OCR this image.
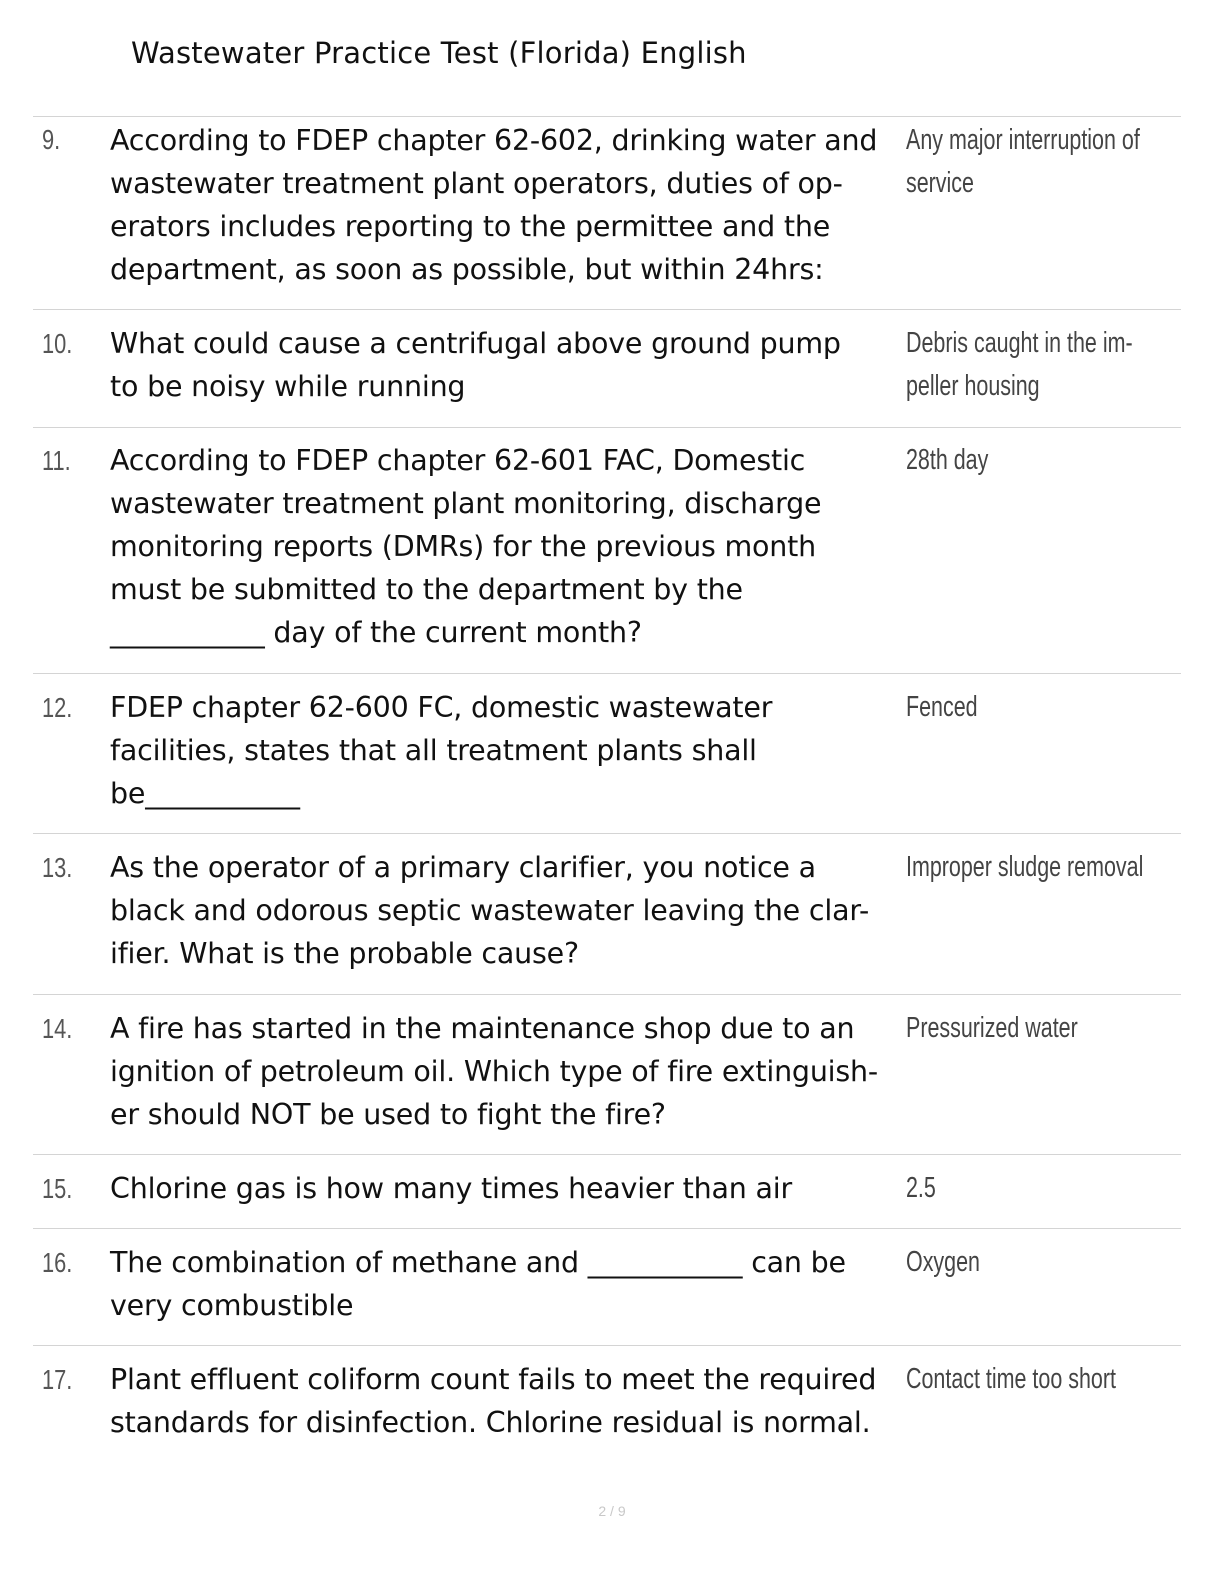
Wastewater Practice Test (Florida) English
9. According to FDEP chapter 62-602, drinking water and
wastewater treatment plant operators, duties of op-
erators includes reporting to the permittee and the
department, as soon as possible, but within 24hrs:
Any major interruption of
service
10. What could cause a centrifugal above ground pump
to be noisy while running
Debris caught in the im-
peller housing
11. According to FDEP chapter 62-601 FAC, Domestic
wastewater treatment plant monitoring, discharge
monitoring reports (DMRs) for the previous month
must be submitted to the department by the
___________ day of the current month?
28th day
12. FDEP chapter 62-600 FC, domestic wastewater
facilities, states that all treatment plants shall
be___________
Fenced
13. As the operator of a primary clarifier, you notice a
black and odorous septic wastewater leaving the clar-
ifier. What is the probable cause?
Improper sludge removal
14. A fire has started in the maintenance shop due to an
ignition of petroleum oil. Which type of fire extinguish-
er should NOT be used to fight the fire?
Pressurized water
15. Chlorine gas is how many times heavier than air	2.5
16. The combination of methane and ___________ can be
very combustible
Oxygen
17. Plant effluent coliform count fails to meet the required
standards for disinfection. Chlorine residual is normal.
Contact time too short
2 / 9
